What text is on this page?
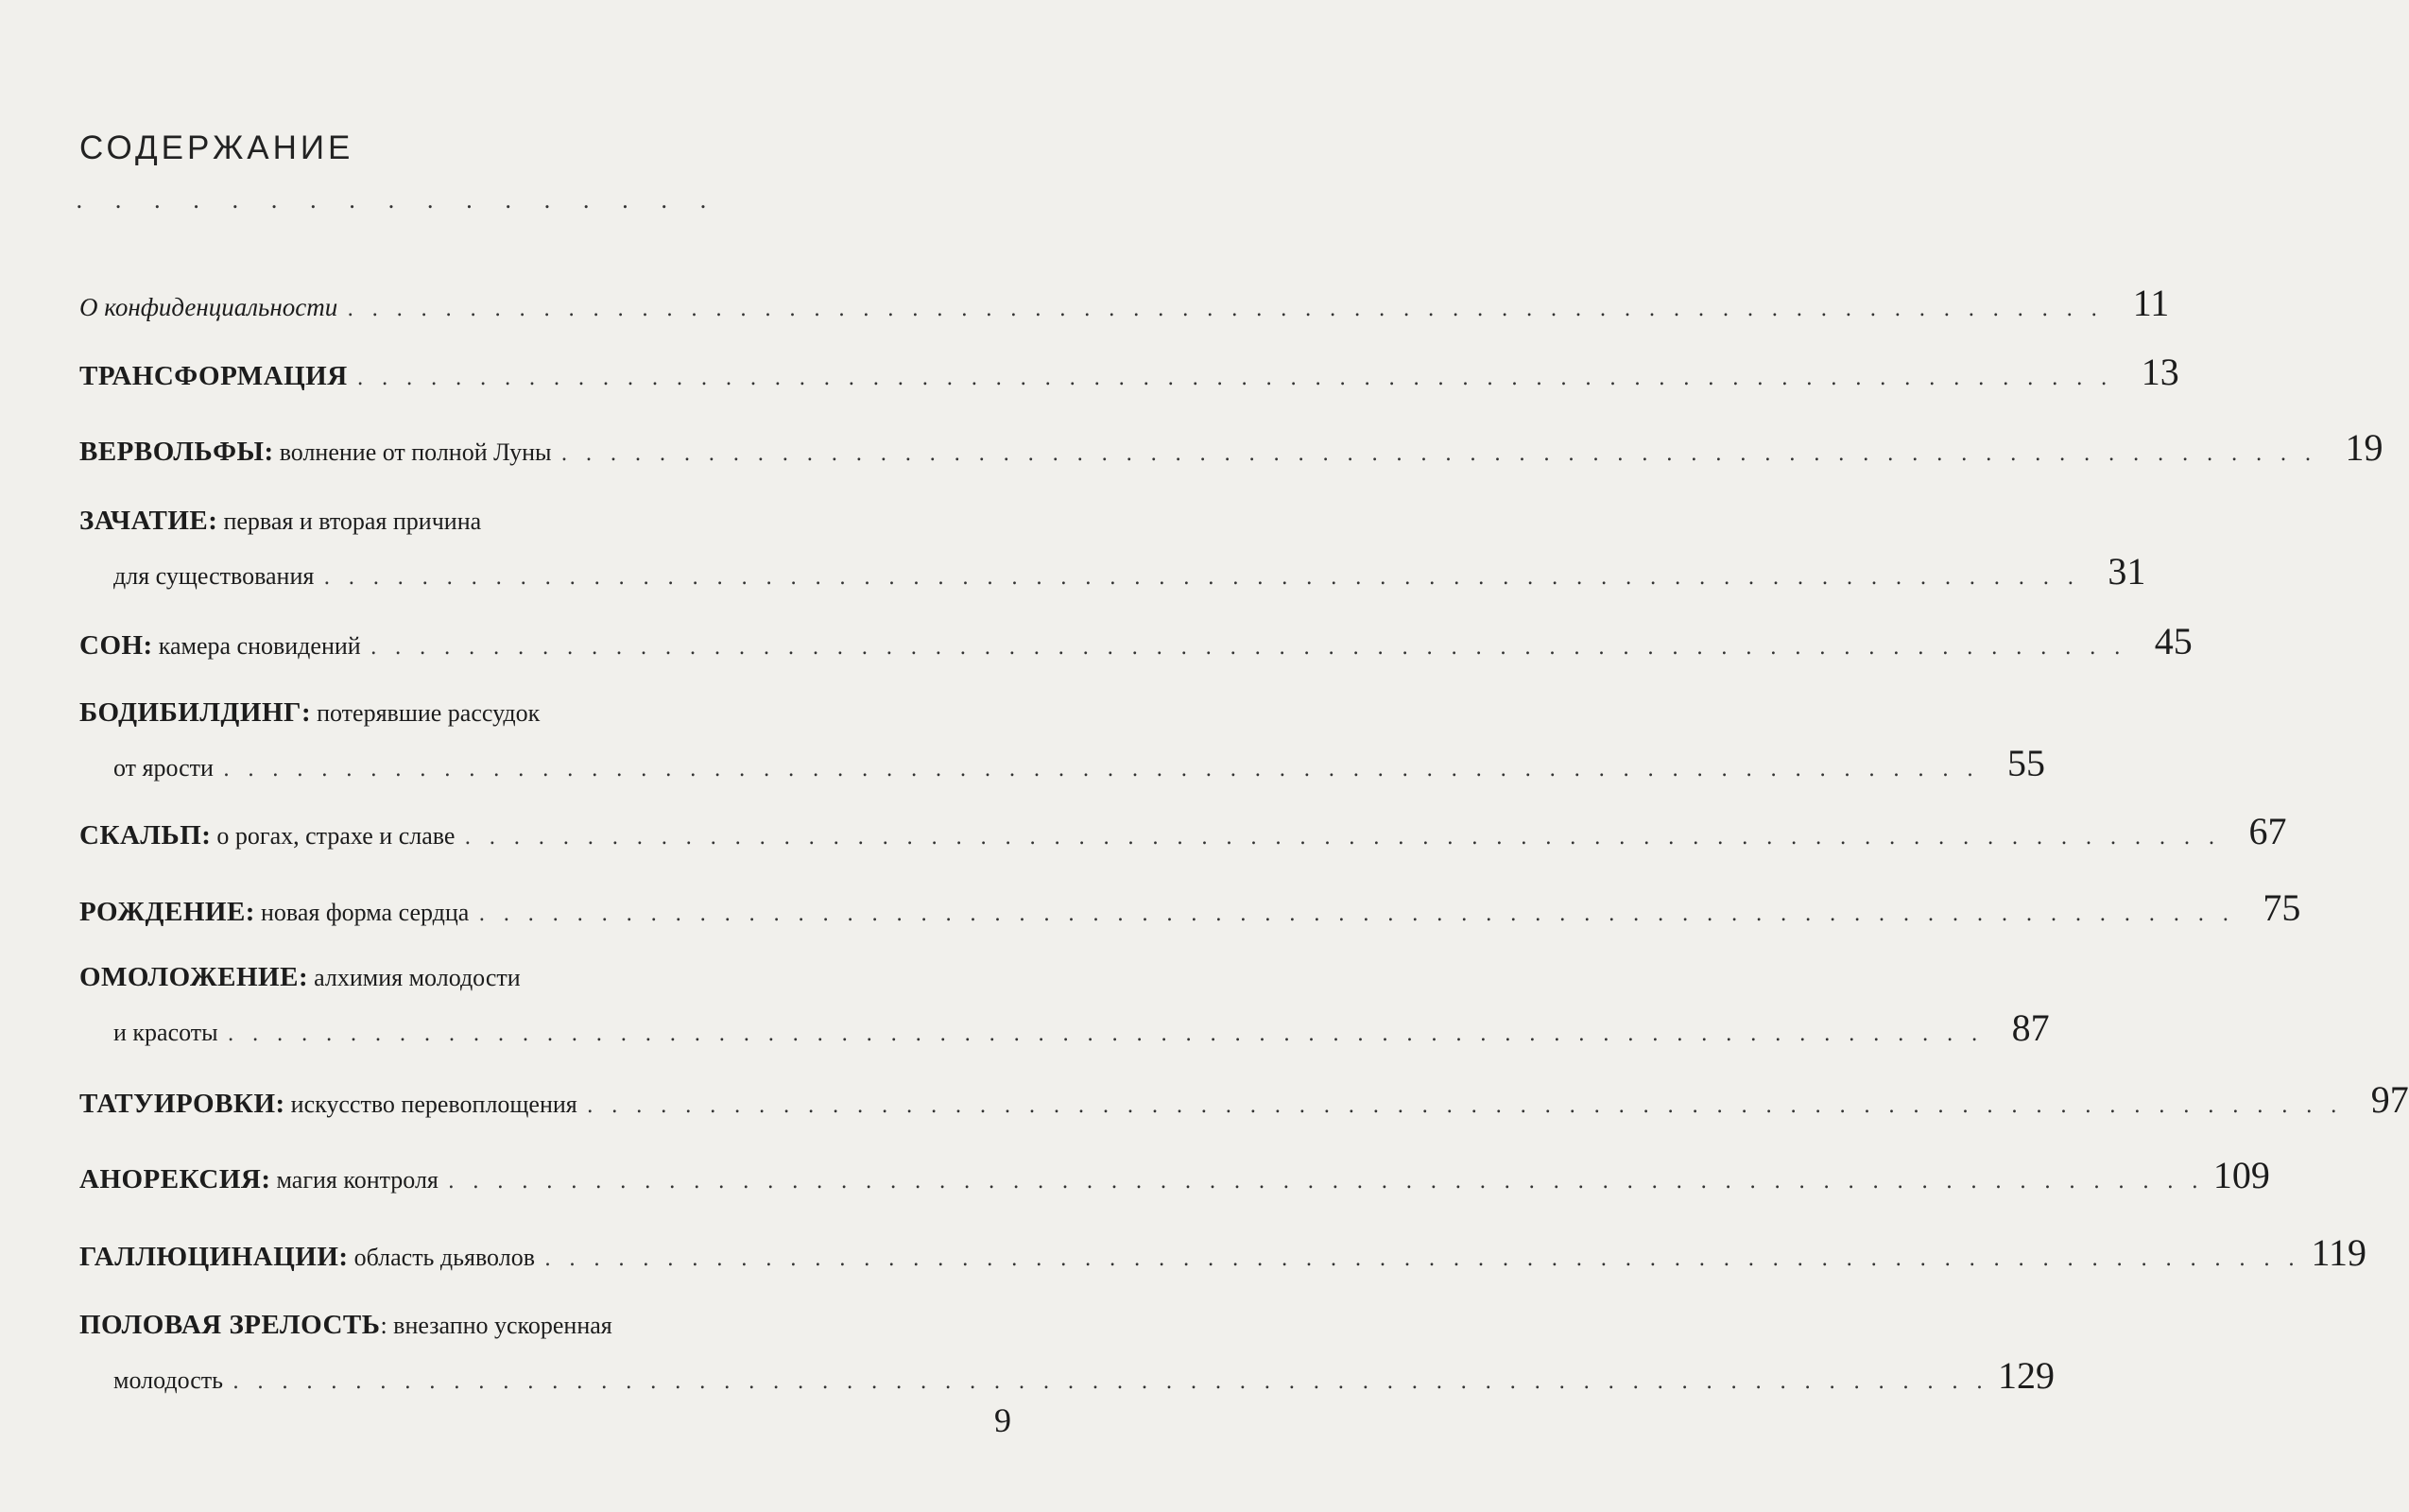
содержание
. . . . . . . . . . . . . . . . .
О конфиденциальности . . . . . . . . . . . . . . . . . . . . . . . . . . . . . . . . . . . . . . . . . . . . . . . . . . . . . . . . . . . . . . . . . . . . . . . . 11
ТРАНСФОРМАЦИЯ . . . . . . . . . . . . . . . . . . . . . . . . . . . . . . . . . . . . . . . . . . . . . . . . . . . . . . . . . . . . . . . . . . . . . . . . 13
ВЕРВОЛЬФЫ: волнение от полной Луны . . . . . . . . . . . . . . . . . . . . . . . . . . . . . . . . . . . . . . . . . . . . . . . . . . . . . . . . . . . . . . . . . . . . . . . . 19
ЗАЧАТИЕ: первая и вторая причина
для существования . . . . . . . . . . . . . . . . . . . . . . . . . . . . . . . . . . . . . . . . . . . . . . . . . . . . . . . . . . . . . . . . . . . . . . . . 31
СОН: камера сновидений . . . . . . . . . . . . . . . . . . . . . . . . . . . . . . . . . . . . . . . . . . . . . . . . . . . . . . . . . . . . . . . . . . . . . . . . 45
БОДИБИЛДИНГ: потерявшие рассудок
от ярости . . . . . . . . . . . . . . . . . . . . . . . . . . . . . . . . . . . . . . . . . . . . . . . . . . . . . . . . . . . . . . . . . . . . . . . . 55
СКАЛЬП: о рогах, страхе и славе . . . . . . . . . . . . . . . . . . . . . . . . . . . . . . . . . . . . . . . . . . . . . . . . . . . . . . . . . . . . . . . . . . . . . . . . 67
РОЖДЕНИЕ: новая форма сердца . . . . . . . . . . . . . . . . . . . . . . . . . . . . . . . . . . . . . . . . . . . . . . . . . . . . . . . . . . . . . . . . . . . . . . . . 75
ОМОЛОЖЕНИЕ: алхимия молодости
и красоты . . . . . . . . . . . . . . . . . . . . . . . . . . . . . . . . . . . . . . . . . . . . . . . . . . . . . . . . . . . . . . . . . . . . . . . . 87
ТАТУИРОВКИ: искусство перевоплощения . . . . . . . . . . . . . . . . . . . . . . . . . . . . . . . . . . . . . . . . . . . . . . . . . . . . . . . . . . . . . . . . . . . . . . . . 97
АНОРЕКСИЯ: магия контроля . . . . . . . . . . . . . . . . . . . . . . . . . . . . . . . . . . . . . . . . . . . . . . . . . . . . . . . . . . . . . . . . . . . . . . . . 109
ГАЛЛЮЦИНАЦИИ: область дьяволов . . . . . . . . . . . . . . . . . . . . . . . . . . . . . . . . . . . . . . . . . . . . . . . . . . . . . . . . . . . . . . . . . . . . . . . . 119
ПОЛОВАЯ ЗРЕЛОСТЬ : внезапно ускоренная
молодость . . . . . . . . . . . . . . . . . . . . . . . . . . . . . . . . . . . . . . . . . . . . . . . . . . . . . . . . . . . . . . . . . . . . . . . . 129
9
